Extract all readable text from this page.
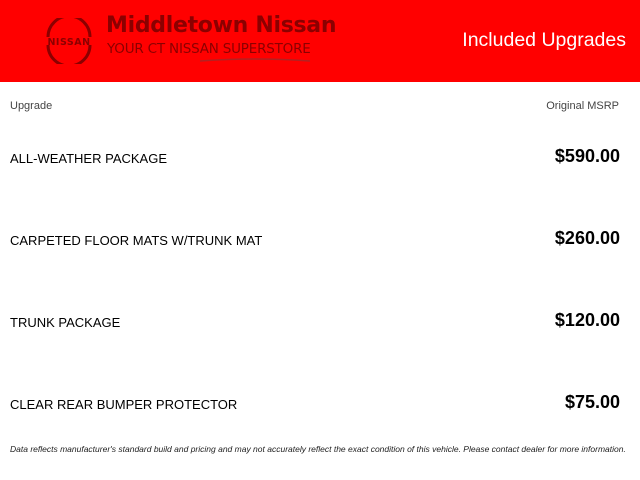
NISSAN
Middletown Nissan
YOUR CT NISSAN SUPERSTORE	Included Upgrades
Upgrade	Original MSRP
ALL-WEATHER PACKAGE	$590.00
CARPETED FLOOR MATS W/TRUNK MAT	$260.00
TRUNK PACKAGE	$120.00
CLEAR REAR BUMPER PROTECTOR	$75.00
Data reflects manufacturer's standard build and pricing and may not accurately reflect the exact condition of this vehicle. Please contact dealer for more information.
